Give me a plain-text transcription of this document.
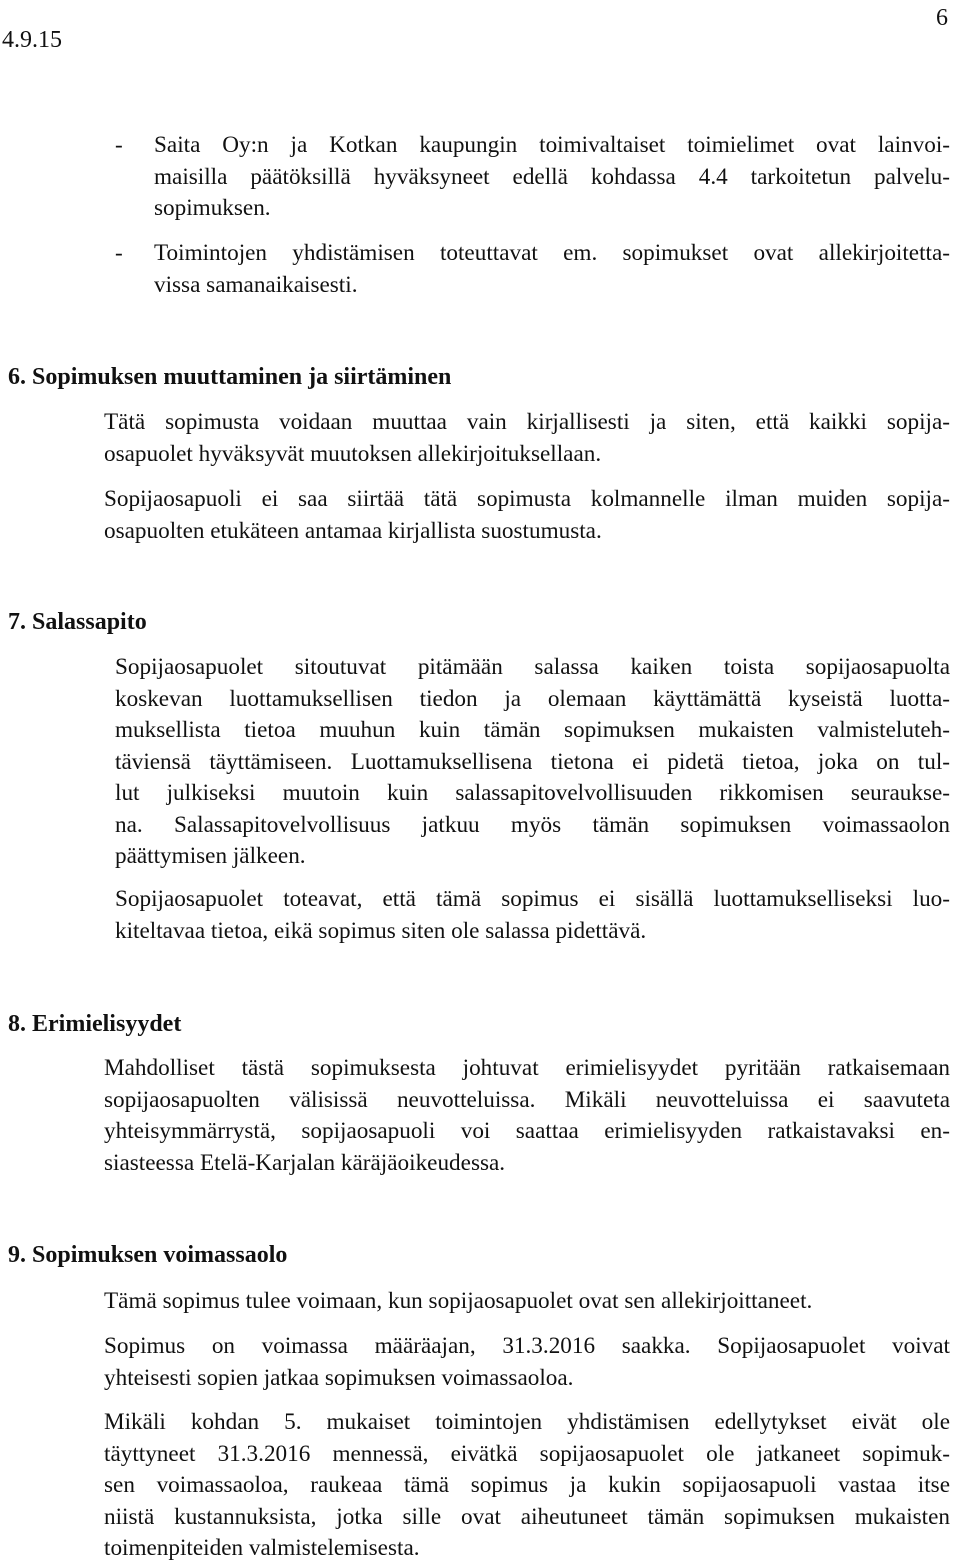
4.9.15
6
- Saita Oy:n ja Kotkan kaupungin toimivaltaiset toimielimet ovat lainvoi-
maisilla päätöksillä hyväksyneet edellä kohdassa 4.4 tarkoitetun palvelu-
sopimuksen.

- Toimintojen yhdistämisen toteuttavat em. sopimukset ovat allekirjoitetta-
vissa samanaikaisesti.

6. Sopimuksen muuttaminen ja siirtäminen

Tätä sopimusta voidaan muuttaa vain kirjallisesti ja siten, että kaikki sopija-
osapuolet hyväksyvät muutoksen allekirjoituksellaan.

Sopijaosapuoli ei saa siirtää tätä sopimusta kolmannelle ilman muiden sopija-
osapuolten etukäteen antamaa kirjallista suostumusta.

7. Salassapito

Sopijaosapuolet sitoutuvat pitämään salassa kaiken toista sopijaosapuolta
koskevan luottamuksellisen tiedon ja olemaan käyttämättä kyseistä luotta-
muksellista tietoa muuhun kuin tämän sopimuksen mukaisten valmisteluteh-
täviensä täyttämiseen. Luottamuksellisena tietona ei pidetä tietoa, joka on tul-
lut julkiseksi muutoin kuin salassapitovelvollisuuden rikkomisen seuraukse-
na. Salassapitovelvollisuus jatkuu myös tämän sopimuksen voimassaolon
päättymisen jälkeen.

Sopijaosapuolet toteavat, että tämä sopimus ei sisällä luottamukselliseksi luo-
kiteltavaa tietoa, eikä sopimus siten ole salassa pidettävä.

8. Erimielisyydet

Mahdolliset tästä sopimuksesta johtuvat erimielisyydet pyritään ratkaisemaan
sopijaosapuolten välisissä neuvotteluissa. Mikäli neuvotteluissa ei saavuteta
yhteisymmärrystä, sopijaosapuoli voi saattaa erimielisyyden ratkaistavaksi en-
siasteessa Etelä-Karjalan käräjäoikeudessa.

9. Sopimuksen voimassaolo

Tämä sopimus tulee voimaan, kun sopijaosapuolet ovat sen allekirjoittaneet.

Sopimus on voimassa määräajan, 31.3.2016 saakka. Sopijaosapuolet voivat
yhteisesti sopien jatkaa sopimuksen voimassaoloa.

Mikäli kohdan 5. mukaiset toimintojen yhdistämisen edellytykset eivät ole
täyttyneet 31.3.2016 mennessä, eivätkä sopijaosapuolet ole jatkaneet sopimuk-
sen voimassaoloa, raukeaa tämä sopimus ja kukin sopijaosapuoli vastaa itse
niistä kustannuksista, jotka sille ovat aiheutuneet tämän sopimuksen mukaisten
toimenpiteiden valmistelemisesta.
